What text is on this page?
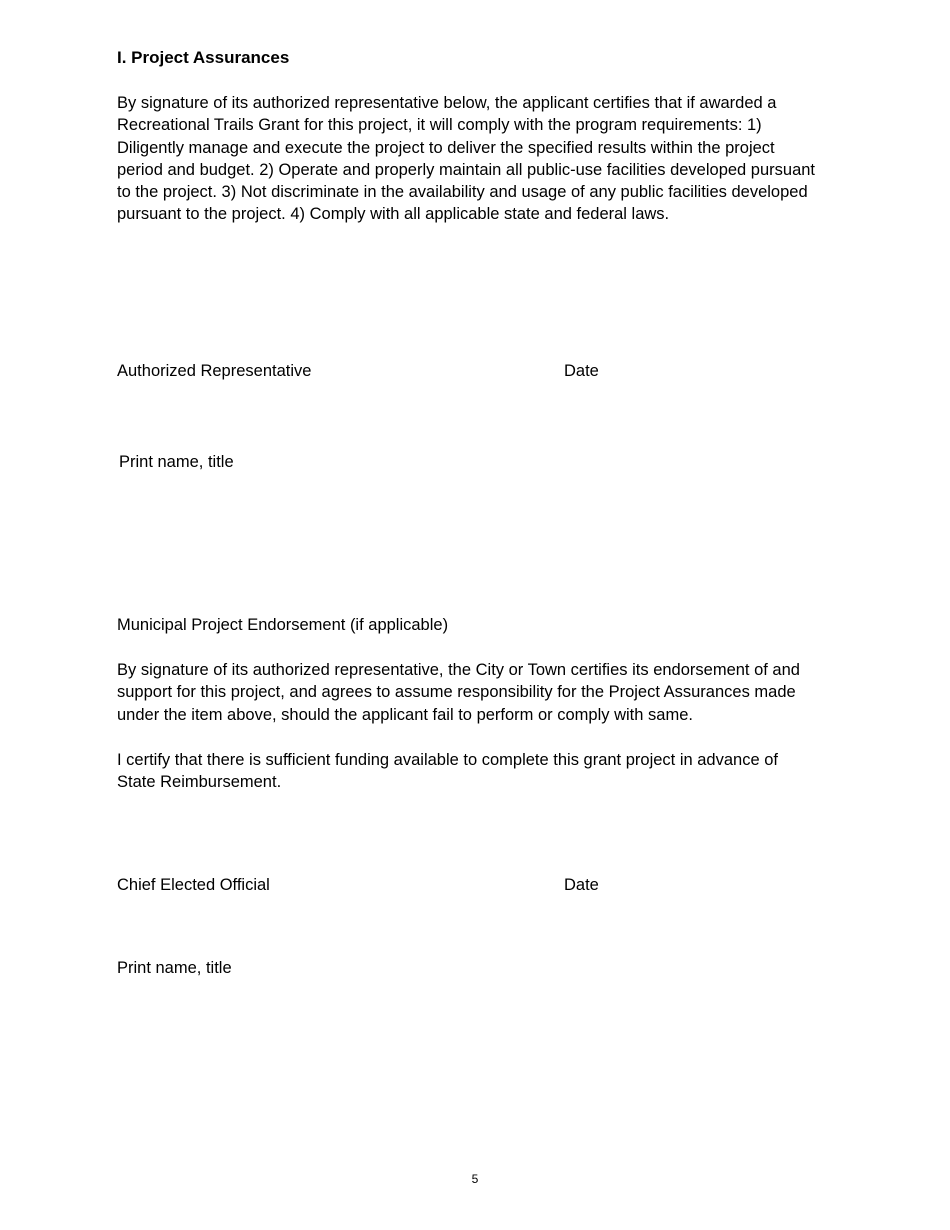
I. Project Assurances

By signature of its authorized representative below, the applicant certifies that if awarded a Recreational Trails Grant for this project, it will comply with the program requirements: 1) Diligently manage and execute the project to deliver the specified results within the project period and budget. 2) Operate and properly maintain all public-use facilities developed pursuant to the project. 3) Not discriminate in the availability and usage of any public facilities developed pursuant to the project. 4) Comply with all applicable state and federal laws.

Authorized Representative	Date
Print name, title
Municipal Project Endorsement (if applicable)

By signature of its authorized representative, the City or Town certifies its endorsement of and support for this project, and agrees to assume responsibility for the Project Assurances made under the item above, should the applicant fail to perform or comply with same.

I certify that there is sufficient funding available to complete this grant project in advance of State Reimbursement.

Chief Elected Official	Date
Print name, title
5
